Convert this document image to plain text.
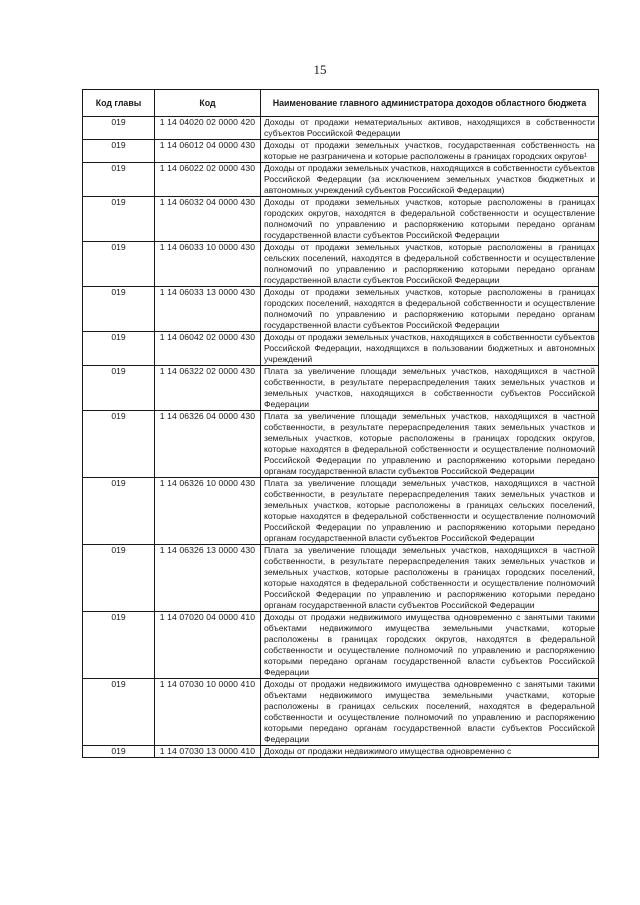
15
Код главы	Код	Наименование главного администратора доходов областного бюджета
019	1 14 04020 02 0000 420	Доходы от продажи нематериальных активов, находящихся в собственности субъектов Российской Федерации
019	1 14 06012 04 0000 430	Доходы от продажи земельных участков, государственная собственность на которые не разграничена и которые расположены в границах городских округов¹
019	1 14 06022 02 0000 430	Доходы от продажи земельных участков, находящихся в собственности субъектов Российской Федерации (за исключением земельных участков бюджетных и автономных учреждений субъектов Российской Федерации)
019	1 14 06032 04 0000 430	Доходы от продажи земельных участков, которые расположены в границах городских округов, находятся в федеральной собственности и осуществление полномочий по управлению и распоряжению которыми передано органам государственной власти субъектов Российской Федерации
019	1 14 06033 10 0000 430	Доходы от продажи земельных участков, которые расположены в границах сельских поселений, находятся в федеральной собственности и осуществление полномочий по управлению и распоряжению которыми передано органам государственной власти субъектов Российской Федерации
019	1 14 06033 13 0000 430	Доходы от продажи земельных участков, которые расположены в границах городских поселений, находятся в федеральной собственности и осуществление полномочий по управлению и распоряжению которыми передано органам государственной власти субъектов Российской Федерации
019	1 14 06042 02 0000 430	Доходы от продажи земельных участков, находящихся в собственности субъектов Российской Федерации, находящихся в пользовании бюджетных и автономных учреждений
019	1 14 06322 02 0000 430	Плата за увеличение площади земельных участков, находящихся в частной собственности, в результате перераспределения таких земельных участков и земельных участков, находящихся в собственности субъектов Российской Федерации
019	1 14 06326 04 0000 430	Плата за увеличение площади земельных участков, находящихся в частной собственности, в результате перераспределения таких земельных участков и земельных участков, которые расположены в границах городских округов, которые находятся в федеральной собственности и осуществление полномочий Российской Федерации по управлению и распоряжению которыми передано органам государственной власти субъектов Российской Федерации
019	1 14 06326 10 0000 430	Плата за увеличение площади земельных участков, находящихся в частной собственности, в результате перераспределения таких земельных участков и земельных участков, которые расположены в границах сельских поселений, которые находятся в федеральной собственности и осуществление полномочий Российской Федерации по управлению и распоряжению которыми передано органам государственной власти субъектов Российской Федерации
019	1 14 06326 13 0000 430	Плата за увеличение площади земельных участков, находящихся в частной собственности, в результате перераспределения таких земельных участков и земельных участков, которые расположены в границах городских поселений, которые находятся в федеральной собственности и осуществление полномочий Российской Федерации по управлению и распоряжению которыми передано органам государственной власти субъектов Российской Федерации
019	1 14 07020 04 0000 410	Доходы от продажи недвижимого имущества одновременно с занятыми такими объектами недвижимого имущества земельными участками, которые расположены в границах городских округов, находятся в федеральной собственности и осуществление полномочий по управлению и распоряжению которыми передано органам государственной власти субъектов Российской Федерации
019	1 14 07030 10 0000 410	Доходы от продажи недвижимого имущества одновременно с занятыми такими объектами недвижимого имущества земельными участками, которые расположены в границах сельских поселений, находятся в федеральной собственности и осуществление полномочий по управлению и распоряжению которыми передано органам государственной власти субъектов Российской Федерации
019	1 14 07030 13 0000 410	Доходы от продажи недвижимого имущества одновременно с
